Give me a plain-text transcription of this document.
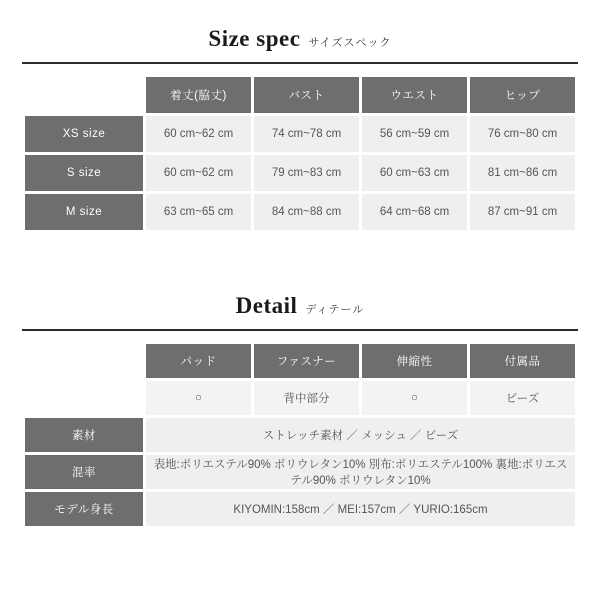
Size spec サイズスペック
	着丈(脇丈)	バスト	ウエスト	ヒップ
XS size	60 cm~62 cm	74 cm~78 cm	56 cm~59 cm	76 cm~80 cm
S size	60 cm~62 cm	79 cm~83 cm	60 cm~63 cm	81 cm~86 cm
M size	63 cm~65 cm	84 cm~88 cm	64 cm~68 cm	87 cm~91 cm
Detail ディテール
	パッド	ファスナー	伸縮性	付属品
	○	背中部分	○	ビーズ
素材	ストレッチ素材 ／ メッシュ ／ ビーズ			
混率	表地:ポリエステル90% ポリウレタン10% 別布:ポリエステル100% 裏地:ポリエステル90% ポリウレタン10%			
モデル身長	KIYOMIN:158cm ／ MEI:157cm ／ YURIO:165cm			
